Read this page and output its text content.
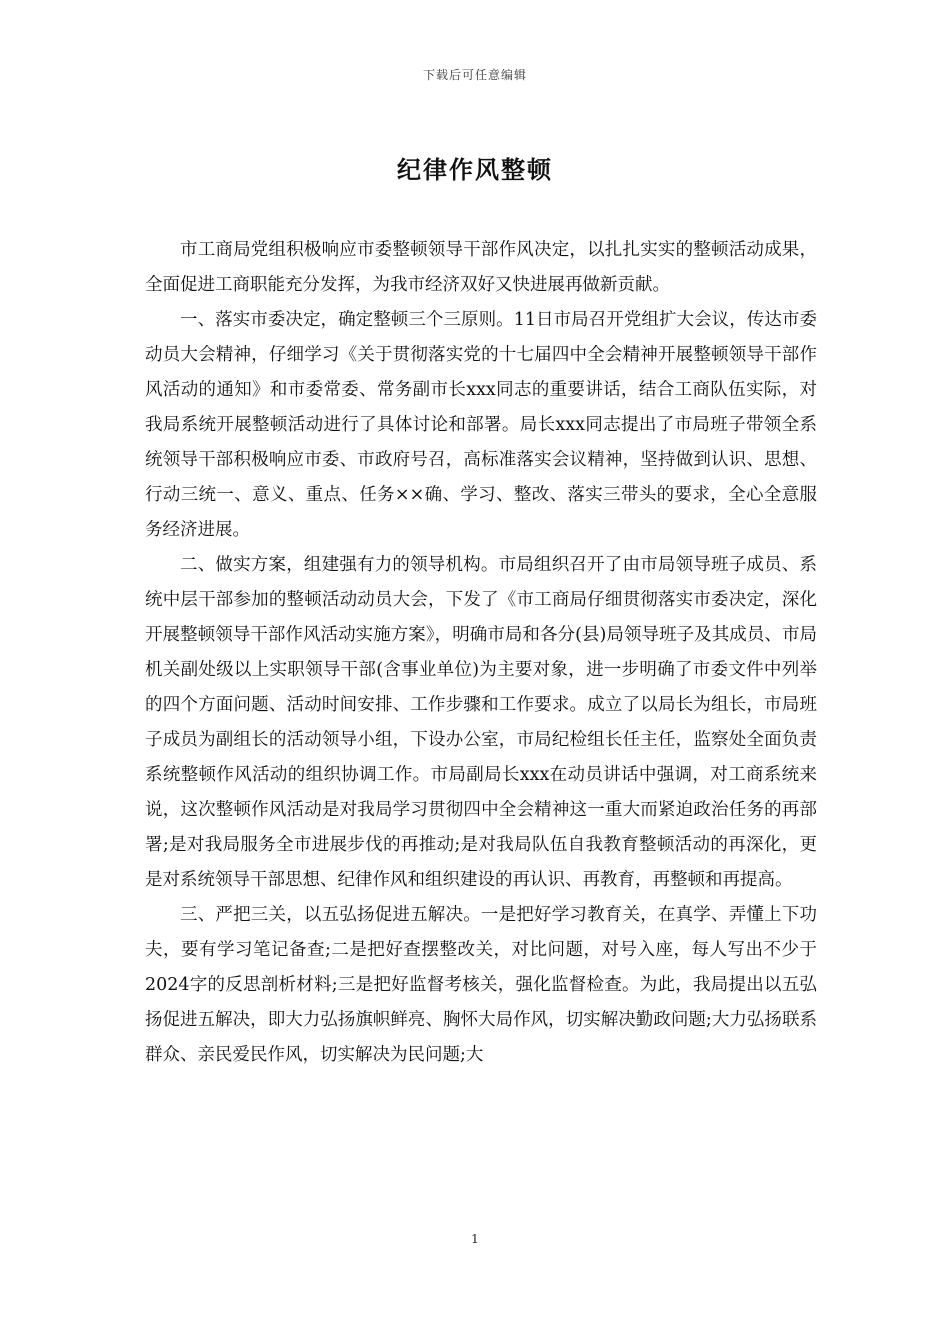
下载后可任意编辑
纪律作风整顿

市工商局党组积极响应市委整顿领导干部作风决定，以扎扎实实的整顿活动成果，全面促进工商职能充分发挥，为我市经济双好又快进展再做新贡献。

一、落实市委决定，确定整顿三个三原则。11日市局召开党组扩大会议，传达市委动员大会精神，仔细学习《关于贯彻落实党的十七届四中全会精神开展整顿领导干部作风活动的通知》和市委常委、常务副市长xxx同志的重要讲话，结合工商队伍实际，对我局系统开展整顿活动进行了具体讨论和部署。局长xxx同志提出了市局班子带领全系统领导干部积极响应市委、市政府号召，高标准落实会议精神，坚持做到认识、思想、行动三统一、意义、重点、任务××确、学习、整改、落实三带头的要求，全心全意服务经济进展。

二、做实方案，组建强有力的领导机构。市局组织召开了由市局领导班子成员、系统中层干部参加的整顿活动动员大会，下发了《市工商局仔细贯彻落实市委决定，深化开展整顿领导干部作风活动实施方案》，明确市局和各分(县)局领导班子及其成员、市局机关副处级以上实职领导干部(含事业单位)为主要对象，进一步明确了市委文件中列举的四个方面问题、活动时间安排、工作步骤和工作要求。成立了以局长为组长，市局班子成员为副组长的活动领导小组，下设办公室，市局纪检组长任主任，监察处全面负责系统整顿作风活动的组织协调工作。市局副局长xxx在动员讲话中强调，对工商系统来说，这次整顿作风活动是对我局学习贯彻四中全会精神这一重大而紧迫政治任务的再部署;是对我局服务全市进展步伐的再推动;是对我局队伍自我教育整顿活动的再深化，更是对系统领导干部思想、纪律作风和组织建设的再认识、再教育，再整顿和再提高。

三、严把三关，以五弘扬促进五解决。一是把好学习教育关，在真学、弄懂上下功夫，要有学习笔记备查;二是把好查摆整改关，对比问题，对号入座，每人写出不少于2024字的反思剖析材料;三是把好监督考核关，强化监督检查。为此，我局提出以五弘扬促进五解决，即大力弘扬旗帜鲜亮、胸怀大局作风，切实解决勤政问题;大力弘扬联系群众、亲民爱民作风，切实解决为民问题;大

1
